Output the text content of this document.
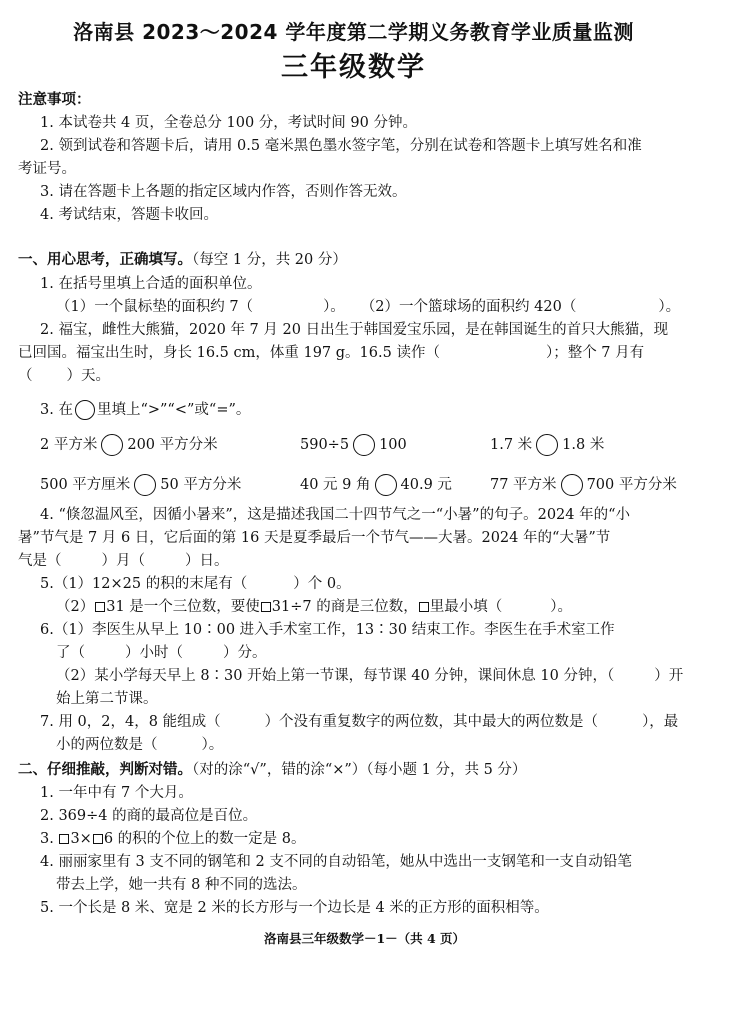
洛南县 2023～2024 学年度第二学期义务教育学业质量监测
三年级数学
注意事项：
1. 本试卷共 4 页，全卷总分 100 分，考试时间 90 分钟。
2. 领到试卷和答题卡后，请用 0.5 毫米黑色墨水签字笔，分别在试卷和答题卡上填写姓名和准
考证号。
3. 请在答题卡上各题的指定区域内作答，否则作答无效。
4. 考试结束，答题卡收回。
一、用心思考，正确填写。（每空 1 分，共 20 分）
1. 在括号里填上合适的面积单位。
（1）一个鼠标垫的面积约 7（	）。 （2）一个篮球场的面积约 420（	）。
2. 福宝，雌性大熊猫，2020 年 7 月 20 日出生于韩国爱宝乐园，是在韩国诞生的首只大熊猫，现
已回国。福宝出生时，身长 16.5 cm，体重 197 g。16.5 读作（	）；整个 7 月有
（ ）天。
3. 在 里填上“>”“<”或“=”。
2 平方米 200 平方分米	590÷5 100	1.7 米 1.8 米
500 平方厘米 50 平方分米	40 元 9 角 40.9 元	77 平方米 700 平方分米
4. “倏忽温风至，因循小暑来”，这是描述我国二十四节气之一“小暑”的句子。2024 年的“小
暑”节气是 7 月 6 日，它后面的第 16 天是夏季最后一个节气——大暑。2024 年的“大暑”节
气是（	）月（	）日。
5.（1）12×25 的积的末尾有（	）个 0。
（2） 31 是一个三位数，要使 31÷7 的商是三位数， 里最小填（	）。
6.（1）李医生从早上 10∶00 进入手术室工作，13∶30 结束工作。李医生在手术室工作
了（	）小时（	）分。
（2）某小学每天早上 8∶30 开始上第一节课，每节课 40 分钟，课间休息 10 分钟，（	）开
始上第二节课。
7. 用 0，2，4，8 能组成（	）个没有重复数字的两位数，其中最大的两位数是（	），最
小的两位数是（	）。
二、仔细推敲，判断对错。（对的涂“√”，错的涂“×”）（每小题 1 分，共 5 分）
1. 一年中有 7 个大月。
2. 369÷4 的商的最高位是百位。
3. 3× 6 的积的个位上的数一定是 8。
4. 丽丽家里有 3 支不同的钢笔和 2 支不同的自动铅笔，她从中选出一支钢笔和一支自动铅笔
带去上学，她一共有 8 种不同的选法。
5. 一个长是 8 米、宽是 2 米的长方形与一个边长是 4 米的正方形的面积相等。
洛南县三年级数学－1－（共 4 页）
